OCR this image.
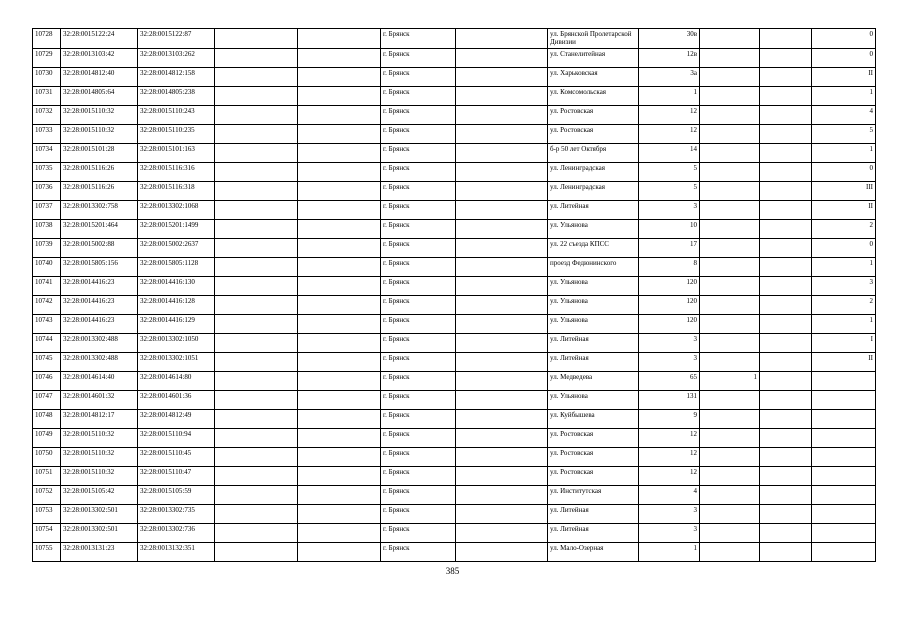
10728	32:28:0015122:24	32:28:0015122:87			г. Брянск		ул. Брянской Пролетарской Дивизии	30в			0
10729	32:28:0013103:42	32:28:0013103:262			г. Брянск		ул. Станелитейная	12в			0
10730	32:28:0014812:40	32:28:0014812:158			г. Брянск		ул. Харьковская	3а			II
10731	32:28:0014805:64	32:28:0014805:238			г. Брянск		ул. Комсомольская	1			1
10732	32:28:0015110:32	32:28:0015110:243			г. Брянск		ул. Ростовская	12			4
10733	32:28:0015110:32	32:28:0015110:235			г. Брянск		ул. Ростовская	12			5
10734	32:28:0015101:28	32:28:0015101:163			г. Брянск		б-р 50 лет Октября	14			1
10735	32:28:0015116:26	32:28:0015116:316			г. Брянск		ул. Ленинградская	5			0
10736	32:28:0015116:26	32:28:0015116:318			г. Брянск		ул. Ленинградская	5			III
10737	32:28:0013302:758	32:28:0013302:1068			г. Брянск		ул. Литейная	3			II
10738	32:28:0015201:464	32:28:0015201:1499			г. Брянск		ул. Ульянова	10			2
10739	32:28:0015002:88	32:28:0015002:2637			г. Брянск		ул. 22 съезда КПСС	17			0
10740	32:28:0015805:156	32:28:0015805:1128			г. Брянск		проезд Федюнинского	8			1
10741	32:28:0014416:23	32:28:0014416:130			г. Брянск		ул. Ульянова	120			3
10742	32:28:0014416:23	32:28:0014416:128			г. Брянск		ул. Ульянова	120			2
10743	32:28:0014416:23	32:28:0014416:129			г. Брянск		ул. Ульянова	120			1
10744	32:28:0013302:488	32:28:0013302:1050			г. Брянск		ул. Литейная	3			I
10745	32:28:0013302:488	32:28:0013302:1051			г. Брянск		ул. Литейная	3			II
10746	32:28:0014614:40	32:28:0014614:80			г. Брянск		ул. Медведева	65	1		
10747	32:28:0014601:32	32:28:0014601:36			г. Брянск		ул. Ульянова	131			
10748	32:28:0014812:17	32:28:0014812:49			г. Брянск		ул. Куйбышева	9			
10749	32:28:0015110:32	32:28:0015110:94			г. Брянск		ул. Ростовская	12			
10750	32:28:0015110:32	32:28:0015110:45			г. Брянск		ул. Ростовская	12			
10751	32:28:0015110:32	32:28:0015110:47			г. Брянск		ул. Ростовская	12			
10752	32:28:0015105:42	32:28:0015105:59			г. Брянск		ул. Институтская	4			
10753	32:28:0013302:501	32:28:0013302:735			г. Брянск		ул. Литейная	3			
10754	32:28:0013302:501	32:28:0013302:736			г. Брянск		ул. Литейная	3			
10755	32:28:0013131:23	32:28:0013132:351			г. Брянск		ул. Мало-Озерная	1			
385
